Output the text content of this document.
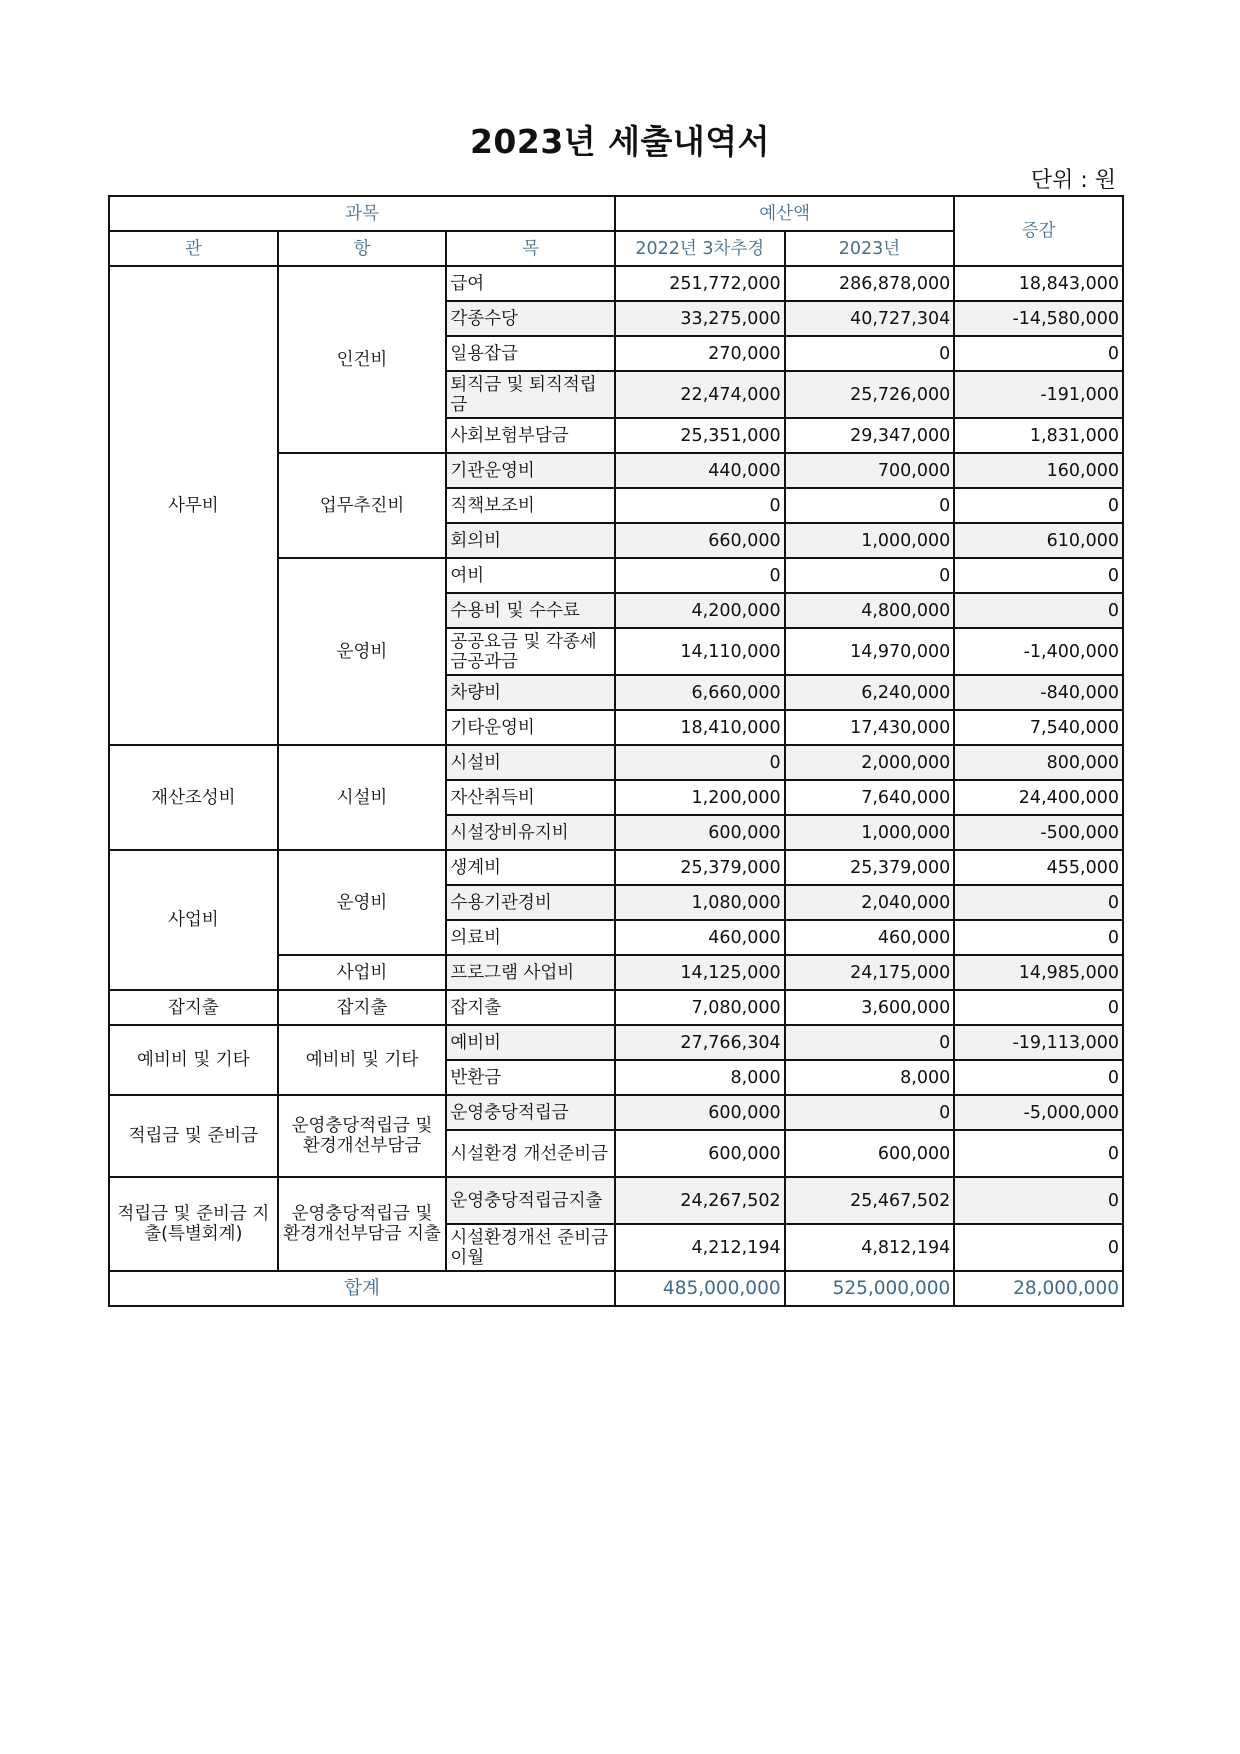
2023년 세출내역서
단위 : 원
과목			예산액		증감
관	항	목	2022년 3차추경	2023년	
사무비	인건비	급여	251,772,000	286,878,000	18,843,000
		각종수당	33,275,000	40,727,304	-14,580,000
		일용잡급	270,000	0	0
		퇴직금 및 퇴직적립금	22,474,000	25,726,000	-191,000
		사회보험부담금	25,351,000	29,347,000	1,831,000
	업무추진비	기관운영비	440,000	700,000	160,000
		직책보조비	0	0	0
		회의비	660,000	1,000,000	610,000
	운영비	여비	0	0	0
		수용비 및 수수료	4,200,000	4,800,000	0
		공공요금 및 각종세금공과금	14,110,000	14,970,000	-1,400,000
		차량비	6,660,000	6,240,000	-840,000
		기타운영비	18,410,000	17,430,000	7,540,000
재산조성비	시설비	시설비	0	2,000,000	800,000
		자산취득비	1,200,000	7,640,000	24,400,000
		시설장비유지비	600,000	1,000,000	-500,000
사업비	운영비	생계비	25,379,000	25,379,000	455,000
		수용기관경비	1,080,000	2,040,000	0
		의료비	460,000	460,000	0
	사업비	프로그램 사업비	14,125,000	24,175,000	14,985,000
잡지출	잡지출	잡지출	7,080,000	3,600,000	0
예비비 및 기타	예비비 및 기타	예비비	27,766,304	0	-19,113,000
		반환금	8,000	8,000	0
적립금 및 준비금	운영충당적립금 및 환경개선부담금	운영충당적립금	600,000	0	-5,000,000
		시설환경 개선준비금	600,000	600,000	0
적립금 및 준비금 지출(특별회계)	운영충당적립금 및 환경개선부담금 지출	운영충당적립금지출	24,267,502	25,467,502	0
		시설환경개선 준비금 이월	4,212,194	4,812,194	0
합계			485,000,000	525,000,000	28,000,000
